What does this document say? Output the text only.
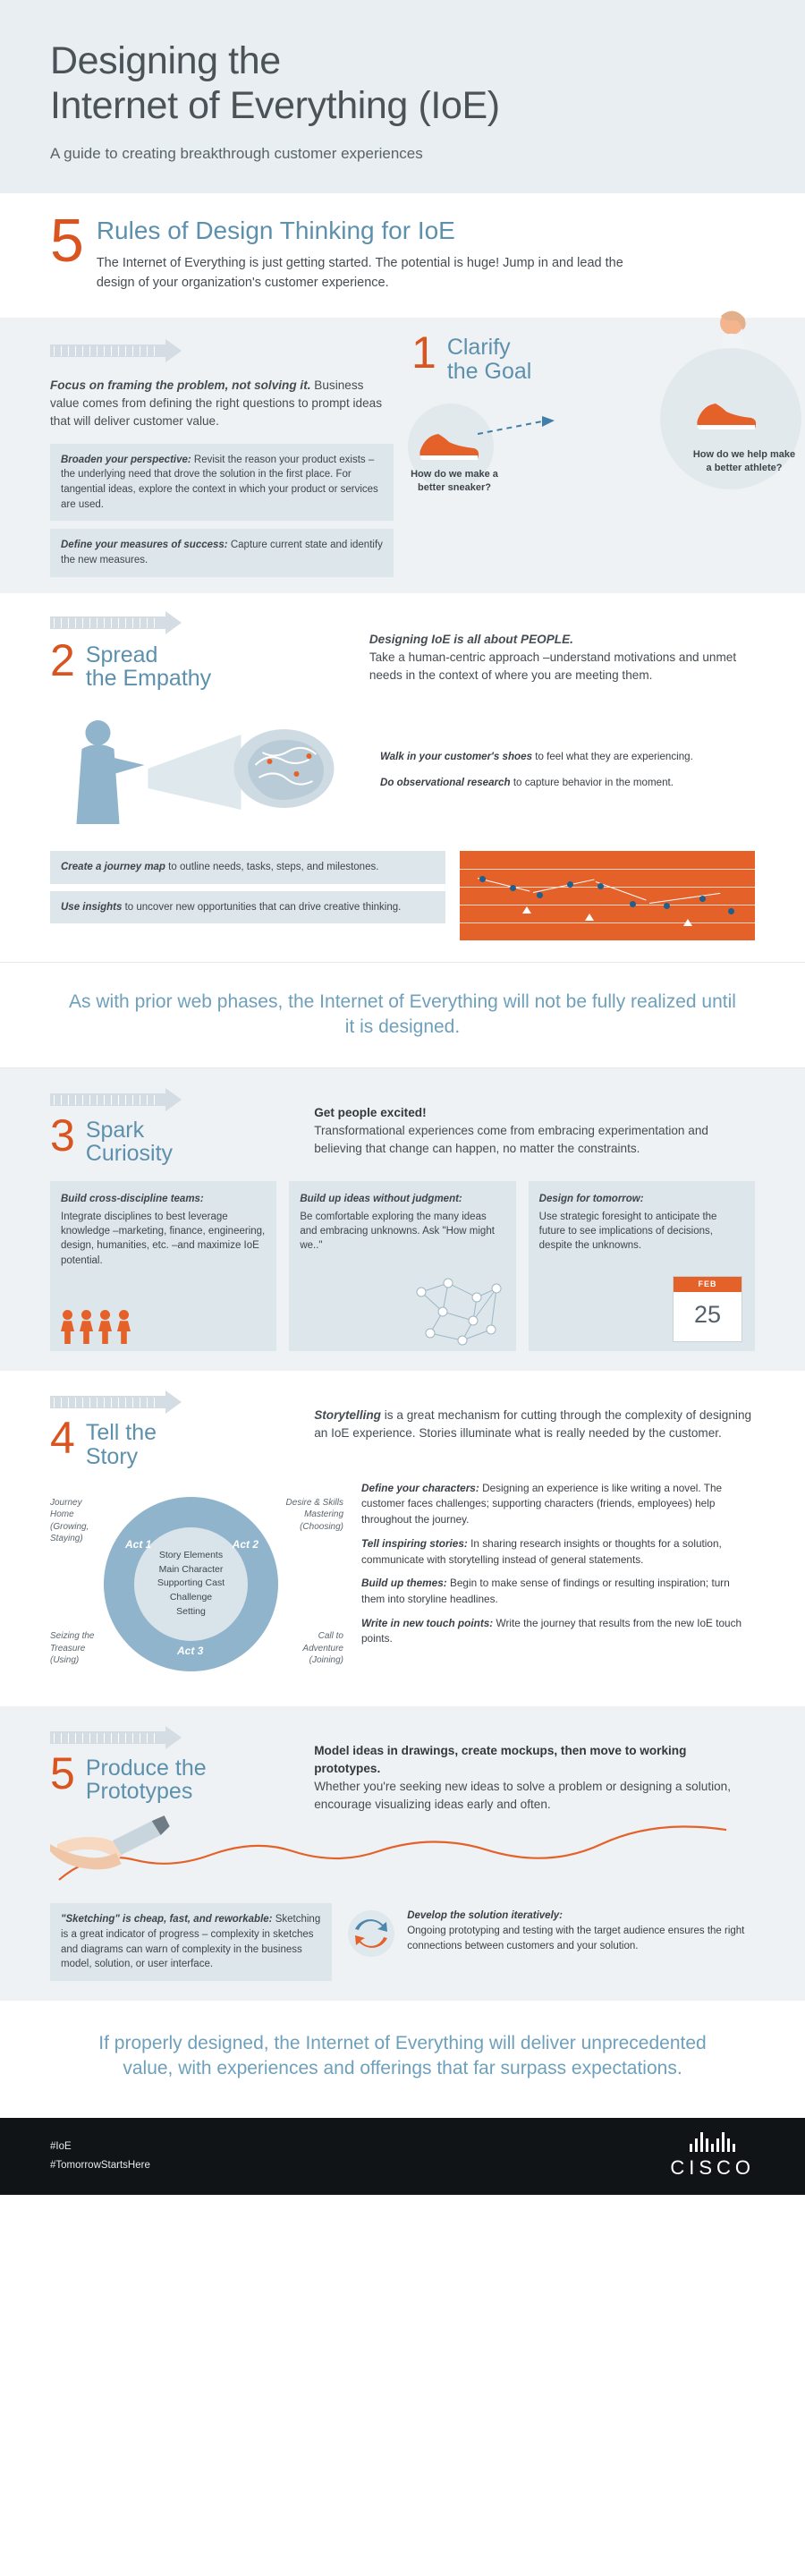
Designing the
Internet of Everything (IoE)
A guide to creating breakthrough customer experiences
5 Rules of Design Thinking for IoE

The Internet of Everything is just getting started. The potential is huge! Jump in and lead the design of your organization's customer experience.

Focus on framing the problem, not solving it. Business value comes from defining the right questions to prompt ideas that will deliver customer value.

Broaden your perspective: Revisit the reason your product exists – the underlying need that drove the solution in the first place. For tangential ideas, explore the context in which your product or services are used.
Define your measures of success: Capture current state and identify the new measures.
1 Clarify
the Goal
How do we make a better sneaker?
How do we help make a better athlete?
2 Spread
the Empathy

Designing IoE is all about PEOPLE.
Take a human-centric approach –understand motivations and unmet needs in the context of where you are meeting them.

Walk in your customer's shoes to feel what they are experiencing.

Do observational research to capture behavior in the moment.

Create a journey map to outline needs, tasks, steps, and milestones.
Use insights to uncover new opportunities that can drive creative thinking.
As with prior web phases, the Internet of Everything will not be fully realized until it is designed.
3 Spark
Curiosity

Get people excited!
Transformational experiences come from embracing experimentation and believing that change can happen, no matter the constraints.

Build cross-discipline teams:
Integrate disciplines to best leverage knowledge –marketing, finance, engineering, design, humanities, etc. –and maximize IoE potential.
Build up ideas without judgment:
Be comfortable exploring the many ideas and embracing unknowns. Ask "How might we.."
Design for tomorrow:
Use strategic foresight to anticipate the future to see implications of decisions, despite the unknowns.
FEB
25
4 Tell the
Story

Storytelling is a great mechanism for cutting through the complexity of designing an IoE experience. Stories illuminate what is really needed by the customer.

Story Elements
Main Character
Supporting Cast
Challenge
Setting
Act 1	Act 2
Act 3
Journey Home (Growing, Staying)
Desire & Skills Mastering (Choosing)
Call to Adventure (Joining)
Seizing the Treasure (Using)

Define your characters: Designing an experience is like writing a novel. The customer faces challenges; supporting characters (friends, employees) help throughout the journey.

Tell inspiring stories: In sharing research insights or thoughts for a solution, communicate with storytelling instead of general statements.

Build up themes: Begin to make sense of findings or resulting inspiration; turn them into storyline headlines.

Write in new touch points: Write the journey that results from the new IoE touch points.

5 Produce the
Prototypes

Model ideas in drawings, create mockups, then move to working prototypes.
Whether you're seeking new ideas to solve a problem or designing a solution, encourage visualizing ideas early and often.

"Sketching" is cheap, fast, and reworkable: Sketching is a great indicator of progress – complexity in sketches and diagrams can warn of complexity in the business model, solution, or user interface.
Develop the solution iteratively:
Ongoing prototyping and testing with the target audience ensures the right connections between customers and your solution.
If properly designed, the Internet of Everything will deliver unprecedented value, with experiences and offerings that far surpass expectations.
#IoE
#TomorrowStartsHere	CISCO
